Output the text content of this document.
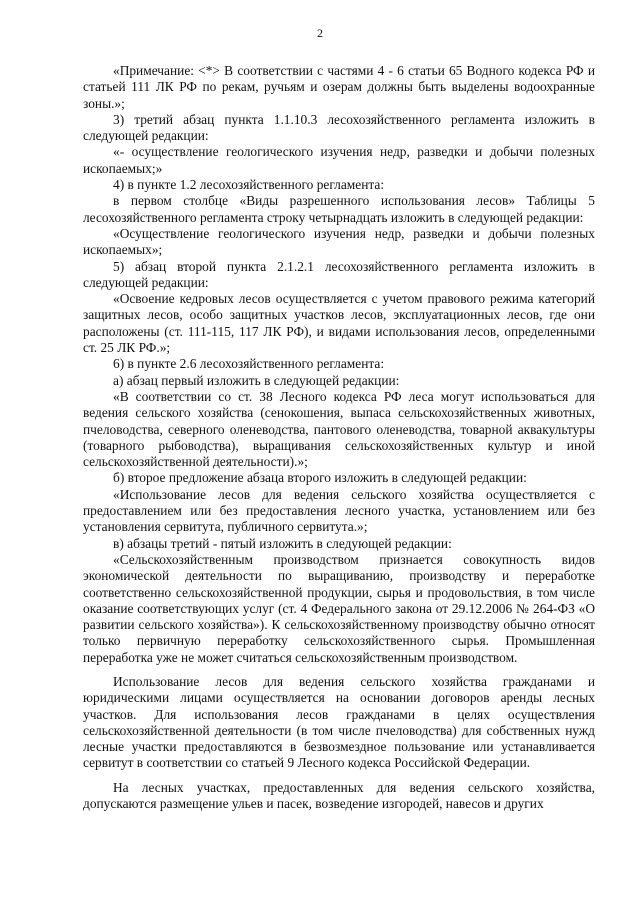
2

«Примечание: <*> В соответствии с частями 4 - 6 статьи 65 Водного кодекса РФ и статьей 111 ЛК РФ по рекам, ручьям и озерам должны быть выделены водоохранные зоны.»;

3) третий абзац пункта 1.1.10.3 лесохозяйственного регламента изложить в следующей редакции:

«- осуществление геологического изучения недр, разведки и добычи полезных ископаемых;»

4) в пункте 1.2 лесохозяйственного регламента:

в первом столбце «Виды разрешенного использования лесов» Таблицы 5 лесохозяйственного регламента строку четырнадцать изложить в следующей редакции:

«Осуществление геологического изучения недр, разведки и добычи полезных ископаемых»;

5) абзац второй пункта 2.1.2.1 лесохозяйственного регламента изложить в следующей редакции:

«Освоение кедровых лесов осуществляется с учетом правового режима категорий защитных лесов, особо защитных участков лесов, эксплуатационных лесов, где они расположены (ст. 111-115, 117 ЛК РФ), и видами использования лесов, определенными ст. 25 ЛК РФ.»;

6) в пункте 2.6 лесохозяйственного регламента:

а) абзац первый изложить в следующей редакции:

«В соответствии со ст. 38 Лесного кодекса РФ леса могут использоваться для ведения сельского хозяйства (сенокошения, выпаса сельскохозяйственных животных, пчеловодства, северного оленеводства, пантового оленеводства, товарной аквакультуры (товарного рыбоводства), выращивания сельскохозяйственных культур и иной сельскохозяйственной деятельности).»;

б) второе предложение абзаца второго изложить в следующей редакции:

«Использование лесов для ведения сельского хозяйства осуществляется с предоставлением или без предоставления лесного участка, установлением или без установления сервитута, публичного сервитута.»;

в) абзацы третий - пятый изложить в следующей редакции:

«Сельскохозяйственным производством признается совокупность видов экономической деятельности по выращиванию, производству и переработке соответственно сельскохозяйственной продукции, сырья и продовольствия, в том числе оказание соответствующих услуг (ст. 4 Федерального закона от 29.12.2006 № 264-ФЗ «О развитии сельского хозяйства»). К сельскохозяйственному производству обычно относят только первичную переработку сельскохозяйственного сырья. Промышленная переработка уже не может считаться сельскохозяйственным производством.

Использование лесов для ведения сельского хозяйства гражданами и юридическими лицами осуществляется на основании договоров аренды лесных участков. Для использования лесов гражданами в целях осуществления сельскохозяйственной деятельности (в том числе пчеловодства) для собственных нужд лесные участки предоставляются в безвозмездное пользование или устанавливается сервитут в соответствии со статьей 9 Лесного кодекса Российской Федерации.

На лесных участках, предоставленных для ведения сельского хозяйства, допускаются размещение ульев и пасек, возведение изгородей, навесов и других
